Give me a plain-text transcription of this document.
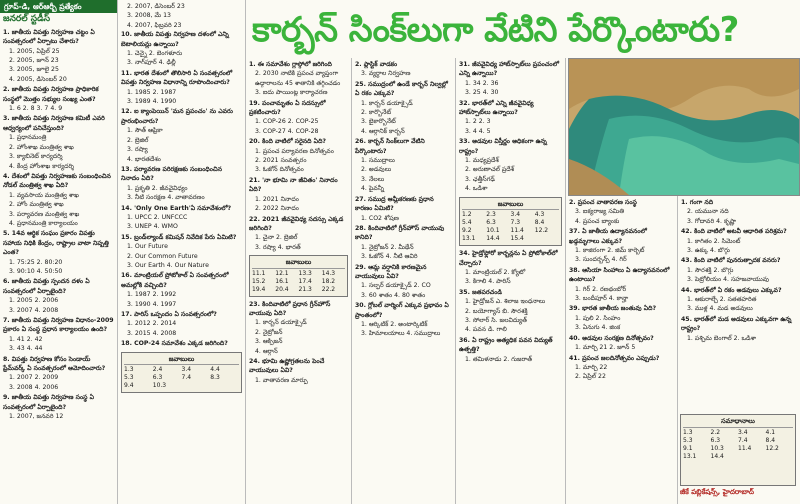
కార్బన్ సింక్‌లుగా వేటిని పేర్కొంటారు?
గ్రూప్-డి, ఆర్ఆర్బీ ప్రత్యేకం
జనరల్ స్టడీస్
1. జాతీయ విపత్తు నిర్వహణ చట్టం ఏ సంవత్సరంలో ఏర్పాటు చేశారు?
1. 2005, ఏప్రిల్ 25
2. 2005, జూన్ 23
3. 2005, జూలై 25
4. 2005, డిసెంబర్ 20
2. జాతీయ విపత్తు నిర్వహణ ప్రాధికారిక సంస్థలో మొత్తం సభ్యుల సంఖ్య ఎంత?
1. 6 2. 8 3. 7 4. 9
3. జాతీయ విపత్తు నిర్వహణ కమిటీ ఎవరి ఆధ్వర్యంలో పనిచేస్తుంది?
1. ప్రధానమంత్రి
2. హోంశాఖ మంత్రిత్వ శాఖ
3. క్యాబినెట్ కార్యదర్శి
4. కేంద్ర హోంశాఖ కార్యదర్శి
4. దేశంలో విపత్తు నిర్వహణకు సంబంధించిన నోడల్ మంత్రిత్వ శాఖ ఏది?
1. వ్యవసాయ మంత్రిత్వ శాఖ
2. హోం మంత్రిత్వ శాఖ
3. పర్యావరణ మంత్రిత్వ శాఖ
4. ప్రధానమంత్రి కార్యాలయం
5. 14వ ఆర్థిక సంఘం ప్రకారం విపత్తు సహాయ నిధికి కేంద్రం, రాష్ట్రాల వాటా నిష్పత్తి ఎంత?
1. 75:25 2. 80:20
3. 90:10 4. 50:50
6. జాతీయ విపత్తు స్పందన దళం ఏ సంవత్సరంలో ఏర్పాటైంది?
1. 2005 2. 2006
3. 2007 4. 2008
7. జాతీయ విపత్తు నిర్వహణ విధానం-2009 ప్రకారం ఏ సంస్థ ప్రధాన కార్యాలయం ఉంది?
1. 41 2. 42
3. 43 4. 44
8. విపత్తు నిర్వహణ కోసం సెండాయ్ ఫ్రేమ్‌వర్క్ ఏ సంవత్సరంలో ఆమోదించారు?
1. 2007 2. 2009
3. 2008 4. 2006
9. జాతీయ విపత్తు నిర్వహణ సంస్థ ఏ సంవత్సరంలో ఏర్పాటైంది?
1. 2007, జనవరి 12
2. 2007, డిసెంబర్ 23
3. 2008, మే 13
4. 2007, ఫిబ్రవరి 23
10. జాతీయ విపత్తు నిర్వహణ దళంలో ఎన్ని బెటాలియన్లు ఉన్నాయి?
1. చెన్నై 2. బెంగళూరు
3. నాగ్‌పూర్ 4. ఢిల్లీ
11. భారత దేశంలో తొలిసారి ఏ సంవత్సరంలో విపత్తు నిర్వహణ విధానాన్ని రూపొందించారు?
1. 1985 2. 1987
3. 1989 4. 1990
12. ఐ క్యాంపెయిన్ 'మన ప్రపంచం' ను ఎవరు ప్రారంభించారు?
1. సౌత్ ఆఫ్రికా
2. బ్రెజిల్
3. రష్యా
4. భారతదేశం
13. పర్యావరణ పరిరక్షణకు సంబంధించిన నినాదం ఏది?
1. ప్రకృతి 2. జీవవైవిధ్యం
3. నీటి సంరక్షణ 4. వాతావరణం
14. 'Only One Earth'ఏ సమావేశంలో?
1. UPCC 2. UNFCCC
3. UNEP 4. WMO
15. బ్రండ్‌ల్యాండ్ కమిషన్ నివేదిక పేరు ఏమిటి?
1. Our Future
2. Our Common Future
3. Our Earth 4. Our Nature
16. మాంట్రియల్ ప్రోటోకాల్ ఏ సంవత్సరంలో అమల్లోకి వచ్చింది?
1. 1987 2. 1992
3. 1990 4. 1997
17. పారిస్ ఒప్పందం ఏ సంవత్సరంలో?
1. 2012 2. 2014
3. 2015 4. 2008
18. COP-24 సమావేశం ఎక్కడ జరిగింది?
జవాబులు
1.3	2.4	3.4	4.4
5.3	6.3	7.4	8.3
9.4	10.3
1. ఈ సమావేశం గ్లాస్గోలో జరిగింది
2. 2030 నాటికి ప్రపంచ వ్యాప్తంగా ఉద్గారాలను 45 శాతానికి తగ్గించడం
3. ఐదు పాయింట్ల కార్యాచరణ
19. పంచామృతం ఏ సదస్సులో ప్రకటించారు?
1. COP-26 2. COP-25
3. COP-27 4. COP-28
20. కింది వాటిలో సరైనది ఏది?
1. ప్రపంచ పర్యావరణ దినోత్సవం
2. 2021 సంవత్సరం
3. ఓజోన్ దినోత్సవం
21. 'నా భూమి నా జీవితం' నినాదం ఏది?
1. 2021 నినాదం
2. 2022 నినాదం
22. 2021 జీవవైవిధ్య సదస్సు ఎక్కడ జరిగింది?
1. చైనా 2. బ్రెజిల్
3. రష్యా 4. భారత్
జవాబులు
11.1	12.1	13.3	14.3
15.2	16.1	17.4	18.2
19.4	20.4	21.3	22.2
23. కిందివాటిలో ప్రధాన గ్రీన్‌హౌస్ వాయువు ఏది?
1. కార్బన్ డయాక్సైడ్
2. నైట్రోజన్
3. ఆక్సిజన్
4. ఆర్గాన్
24. భూమి ఉష్ణోగ్రతలను పెంచే వాయువులు ఏవి?
1. వాతావరణ మార్పు
2. ప్లాస్టిక్ వాడకం
3. వ్యర్థాల నిర్వహణ
25. సముద్రంలో ఉండే కార్బన్ నిల్వల్లో ఏ రకం ఎక్కువ?
1. కార్బన్ డయాక్సైడ్
2. కార్బొనేట్
3. బైకార్బొనేట్
4. ఆర్గానిక్ కార్బన్
26. కార్బన్ సింక్‌లుగా వేటిని పేర్కొంటారు?
1. సముద్రాలు
2. అడవులు
3. నేలలు
4. పైవన్నీ
27. సముద్ర ఆమ్లీకరణకు ప్రధాన కారణం ఏమిటి?
1. CO2 శోషణ
28. కిందివాటిలో గ్రీన్‌హౌస్ వాయువు కానిది?
1. నైట్రోజన్ 2. మీథేన్
3. ఓజోన్ 4. నీటి ఆవిరి
29. ఆమ్ల వర్షానికి కారణమైన వాయువులు ఏవి?
1. సల్ఫర్ డయాక్సైడ్ 2. CO
3. 60 శాతం 4. 80 శాతం
30. గ్లోబల్ వార్మింగ్ ఎక్కువ ప్రభావం ఏ ప్రాంతంలో?
1. ఆర్కిటిక్ 2. అంటార్కిటిక్
3. హిమాలయాలు 4. సముద్రాలు
31. జీవవైవిధ్య హాట్‌స్పాట్‌లు ప్రపంచంలో ఎన్ని ఉన్నాయి?
1. 34 2. 36
3. 25 4. 30
32. భారత్‌లో ఎన్ని జీవవైవిధ్య హాట్‌స్పాట్‌లు ఉన్నాయి?
1. 2 2. 3
3. 4 4. 5
33. అడవుల విస్తీర్ణం అధికంగా ఉన్న రాష్ట్రం?
1. మధ్యప్రదేశ్
2. అరుణాచల్ ప్రదేశ్
3. ఛత్తీస్‌గఢ్
4. ఒడిశా
జవాబులు
1.2	2.3	3.4	4.3
5.4	6.3	7.3	8.4
9.2	10.1	11.4	12.2
13.1	14.4	15.4
34. హైడ్రోఫ్లోరో కార్బన్లను ఏ ప్రోటోకాల్‌లో చేర్చారు?
1. మాంట్రియల్ 2. క్యోటో
3. కిగాలి 4. పారిస్
35. జతపరచండి
1. హైడ్రోజన్ ఎ. శిలాజ ఇంధనాలు
2. బయోగ్యాస్ బి. సౌరశక్తి
3. సోలార్ సి. జలవిద్యుత్
4. పవన డి. గాలి
36. ఏ రాష్ట్రం అత్యధిక పవన విద్యుత్ ఉత్పత్తి?
1. తమిళనాడు 2. గుజరాత్
2. ప్రపంచ వాతావరణ సంస్థ
3. ఐక్యరాజ్య సమితి
4. ప్రపంచ బ్యాంకు
37. ఏ జాతీయ ఉద్యానవనంలో ఖడ్గమృగాలు ఎక్కువ?
1. కాజిరంగా 2. జిమ్ కార్బెట్
3. సుందర్బన్స్ 4. గిర్
38. ఆసియా సింహాలు ఏ ఉద్యానవనంలో ఉంటాయి?
1. గిర్ 2. రణథంబోర్
3. బందీపూర్ 4. కాన్హా
39. భారత జాతీయ జంతువు ఏది?
1. పులి 2. సింహం
3. ఏనుగు 4. జింక
40. అడవుల సంరక్షణ దినోత్సవం?
1. మార్చి 21 2. జూన్ 5
41. ప్రపంచ జలదినోత్సవం ఎప్పుడు?
1. మార్చి 22
2. ఏప్రిల్ 22
1. గంగా నది
2. యమునా నది
3. గోదావరి 4. కృష్ణా
42. కింది వాటిలో అటవీ ఆధారిత పరిశ్రమ?
1. కాగితం 2. సిమెంట్
3. ఉక్కు 4. బొగ్గు
43. కింది వాటిలో పునరుత్పాదక వనరు?
1. సౌరశక్తి 2. బొగ్గు
3. పెట్రోలియం 4. సహజవాయువు
44. భారత్‌లో ఏ రకం అడవులు ఎక్కువ?
1. ఆకురాల్చే 2. సతతహరిత
3. ముళ్ల 4. మడ అడవులు
45. భారత్‌లో మడ అడవులు ఎక్కువగా ఉన్న రాష్ట్రం?
1. పశ్చిమ బెంగాల్ 2. ఒడిశా
సమాధానాలు
1.3	2.2	3.4	4.1
5.3	6.3	7.4	8.4
9.1	10.3	11.4	12.2
13.1	14.4
జీకే పబ్లికేషన్స్, హైదరాబాద్
